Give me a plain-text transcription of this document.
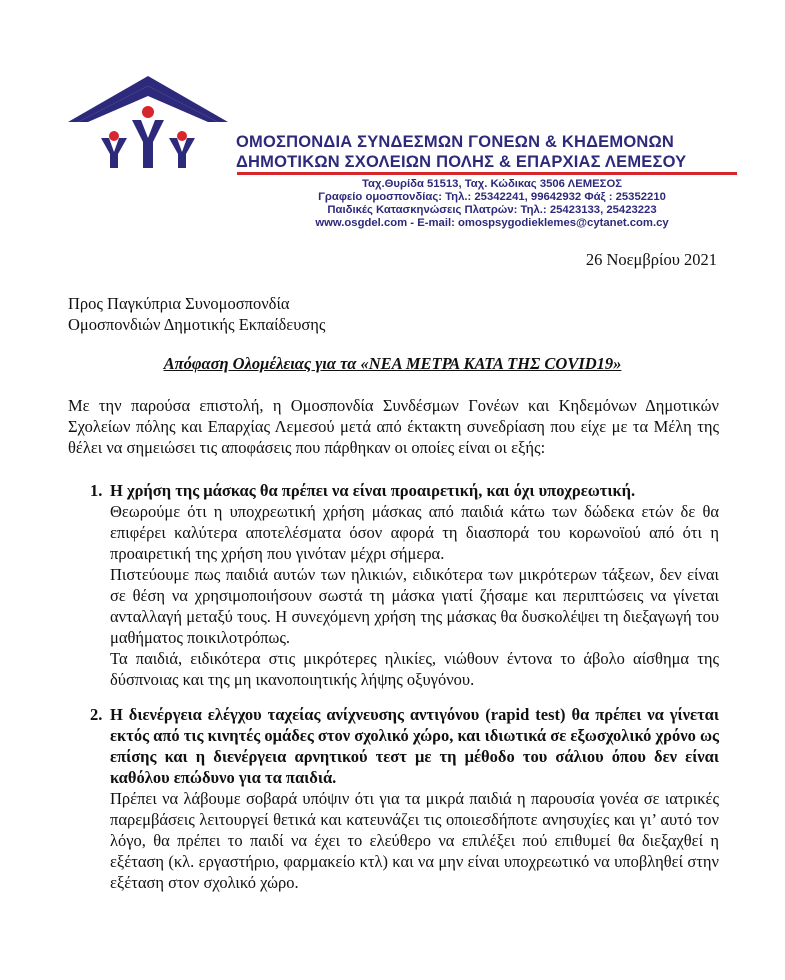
ΟΜΟΣΠΟΝΔΙΑ ΣΥΝΔΕΣΜΩΝ ΓΟΝΕΩΝ & ΚΗΔΕΜΟΝΩΝ
ΔΗΜΟΤΙΚΩΝ ΣΧΟΛΕΙΩΝ ΠΟΛΗΣ & ΕΠΑΡΧΙΑΣ ΛΕΜΕΣΟΥ
Ταχ.Θυρίδα 51513, Ταχ. Κώδικας 3506 ΛΕΜΕΣΟΣ
Γραφείο ομοσπονδίας: Τηλ.: 25342241, 99642932 Φάξ : 25352210
Παιδικές Κατασκηνώσεις Πλατρών: Τηλ.: 25423133, 25423223
www.osgdel.com - E-mail: omospsygodieklemes@cytanet.com.cy
26 Νοεμβρίου 2021
Προς Παγκύπρια Συνομοσπονδία
Ομοσπονδιών Δημοτικής Εκπαίδευσης
Απόφαση Ολομέλειας για τα «ΝΕΑ ΜΕΤΡΑ ΚΑΤΑ ΤΗΣ COVID19»
Με την παρούσα επιστολή, η Ομοσπονδία Συνδέσμων Γονέων και Κηδεμόνων Δημοτικών Σχολείων πόλης και Επαρχίας Λεμεσού μετά από έκτακτη συνεδρίαση που είχε με τα Μέλη της θέλει να σημειώσει τις αποφάσεις που πάρθηκαν οι οποίες είναι οι εξής:
1. Η χρήση της μάσκας θα πρέπει να είναι προαιρετική, και όχι υποχρεωτική.
Θεωρούμε ότι η υποχρεωτική χρήση μάσκας από παιδιά κάτω των δώδεκα ετών δε θα επιφέρει καλύτερα αποτελέσματα όσον αφορά τη διασπορά του κορωνοϊού από ότι η προαιρετική της χρήση που γινόταν μέχρι σήμερα.
Πιστεύουμε πως παιδιά αυτών των ηλικιών, ειδικότερα των μικρότερων τάξεων, δεν είναι σε θέση να χρησιμοποιήσουν σωστά τη μάσκα γιατί ζήσαμε και περιπτώσεις να γίνεται ανταλλαγή μεταξύ τους. Η συνεχόμενη χρήση της μάσκας θα δυσκολέψει τη διεξαγωγή του μαθήματος ποικιλοτρόπως.
Τα παιδιά, ειδικότερα στις μικρότερες ηλικίες, νιώθουν έντονα το άβολο αίσθημα της δύσπνοιας και της μη ικανοποιητικής λήψης οξυγόνου.
2. Η διενέργεια ελέγχου ταχείας ανίχνευσης αντιγόνου (rapid test) θα πρέπει να γίνεται εκτός από τις κινητές ομάδες στον σχολικό χώρο, και ιδιωτικά σε εξωσχολικό χρόνο ως επίσης και η διενέργεια αρνητικού τεστ με τη μέθοδο του σάλιου όπου δεν είναι καθόλου επώδυνο για τα παιδιά.
Πρέπει να λάβουμε σοβαρά υπόψιν ότι για τα μικρά παιδιά η παρουσία γονέα σε ιατρικές παρεμβάσεις λειτουργεί θετικά και κατευνάζει τις οποιεσδήποτε ανησυχίες και γι’ αυτό τον λόγο, θα πρέπει το παιδί να έχει το ελεύθερο να επιλέξει πού επιθυμεί θα διεξαχθεί η εξέταση (κλ. εργαστήριο, φαρμακείο κτλ) και να μην είναι υποχρεωτικό να υποβληθεί στην εξέταση στον σχολικό χώρο.
